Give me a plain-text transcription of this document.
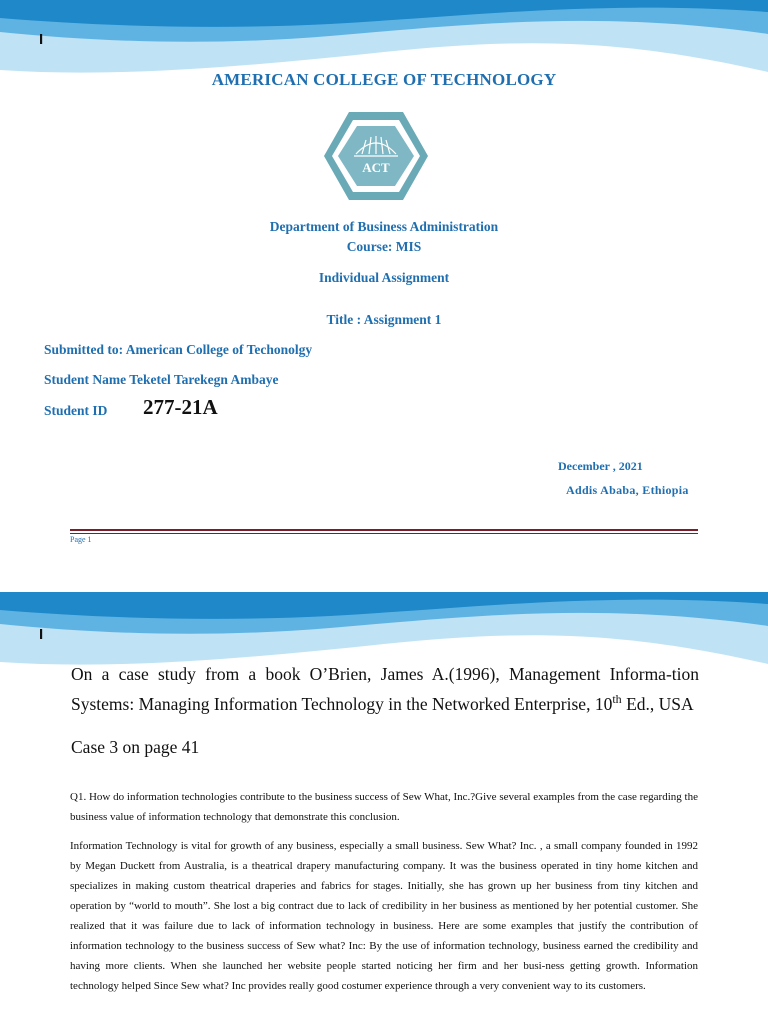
I
AMERICAN COLLEGE OF TECHNOLOGY
ACT
Department of Business Administration
Course: MIS
Individual Assignment
Title : Assignment 1
Submitted to: American College of Techonolgy
Student Name Teketel Tarekegn Ambaye
Student ID 277-21A
December , 2021
Addis Ababa, Ethiopia
Page 1
I
On a case study from a book O’Brien, James A.(1996), Management Informa-tion Systems: Managing Information Technology in the Networked Enterprise, 10th Ed., USA
Case 3 on page 41
Q1. How do information technologies contribute to the business success of Sew What, Inc.?Give several examples from the case regarding the business value of information technology that demonstrate this conclusion.
Information Technology is vital for growth of any business, especially a small business. Sew What? Inc. , a small company founded in 1992 by Megan Duckett from Australia, is a theatrical drapery manufacturing company. It was the business operated in tiny home kitchen and specializes in making custom theatrical draperies and fabrics for stages. Initially, she has grown up her business from tiny kitchen and operation by “world to mouth”. She lost a big contract due to lack of credibility in her business as mentioned by her potential customer. She realized that it was failure due to lack of information technology in business. Here are some examples that justify the contribution of information technology to the business success of Sew what? Inc: By the use of information technology, business earned the credibility and having more clients. When she launched her website people started noticing her firm and her busi-ness getting growth. Information technology helped Since Sew what? Inc provides really good costumer experience through a very convenient way to its customers.
